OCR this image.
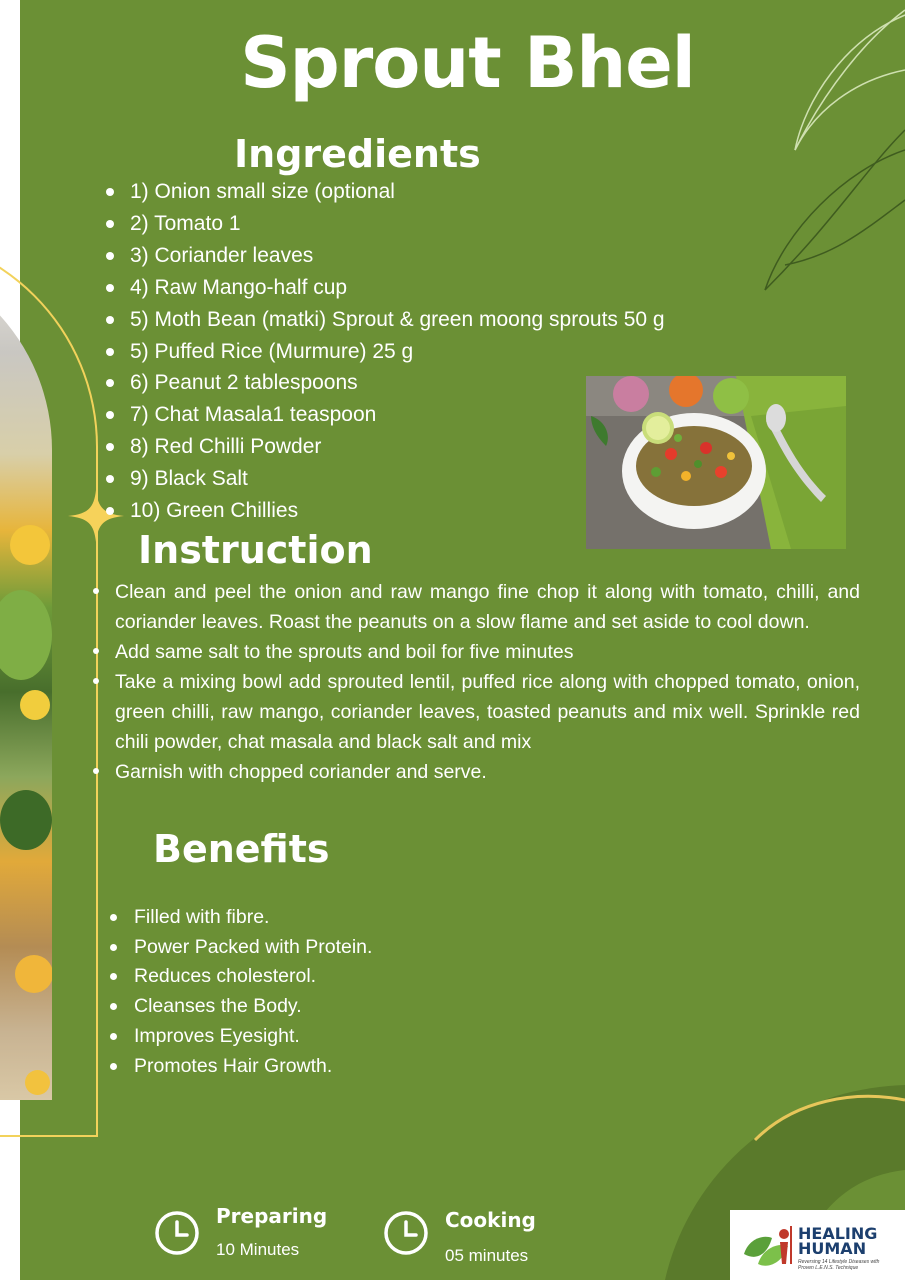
Sprout Bhel
Ingredients
1) Onion small size (optional
2) Tomato 1
3) Coriander leaves
4) Raw Mango-half cup
5) Moth Bean (matki) Sprout & green moong sprouts 50 g
5) Puffed Rice (Murmure) 25 g
6) Peanut 2 tablespoons
7) Chat Masala1 teaspoon
8) Red Chilli Powder
9) Black Salt
10) Green Chillies
Instruction
Clean and peel the onion and raw mango fine chop it along with tomato, chilli, and coriander leaves. Roast the peanuts on a slow flame and set aside to cool down.
Add same salt to the sprouts and boil for five minutes
Take a mixing bowl add sprouted lentil, puffed rice along with chopped tomato, onion, green chilli, raw mango, coriander leaves, toasted peanuts and mix well. Sprinkle red chili powder, chat masala and black salt and mix
Garnish with chopped coriander and serve.
Benefits
Filled with fibre.
Power Packed with Protein.
Reduces cholesterol.
Cleanses the Body.
Improves Eyesight.
Promotes Hair Growth.
Preparing
10 Minutes
Cooking
05 minutes
HEALING
HUMAN
Reversing 14 Lifestyle Diseases with Proven L.E.N.S. Technique
